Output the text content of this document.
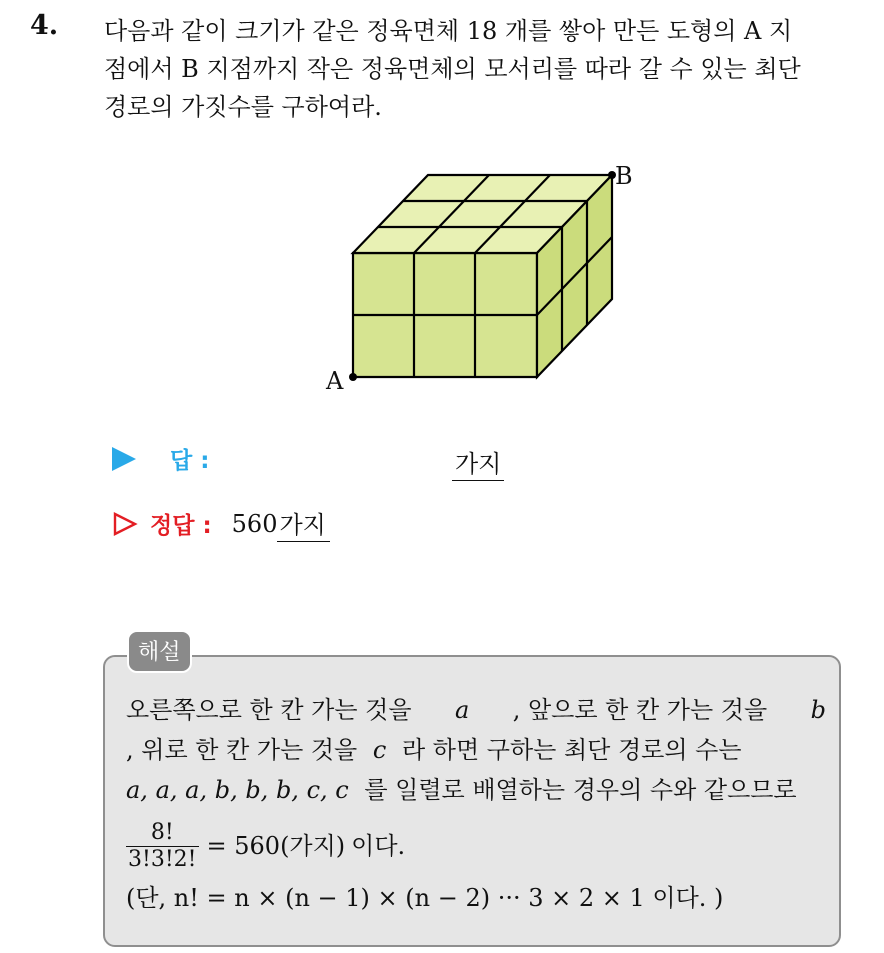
4. 다음과 같이 크기가 같은 정육면체 18 개를 쌓아 만든 도형의 A 지
점에서 B 지점까지 작은 정육면체의 모서리를 따라 갈 수 있는 최단
경로의 가짓수를 구하여라.
A
B
답 :	가지
정답 : 560 가지
해설
오른쪽으로 한 칸 가는 것을 a , 앞으로 한 칸 가는 것을 b
, 위로 한 칸 가는 것을 c 라 하면 구하는 최단 경로의 수는
a, a, a, b, b, b, c, c 를 일렬로 배열하는 경우의 수와 같으므로
$\frac{8!}{3!3!2!} = 560$(가지) 이다.
(단, n! = n × (n − 1) × (n − 2) ··· 3 × 2 × 1 이다. )
